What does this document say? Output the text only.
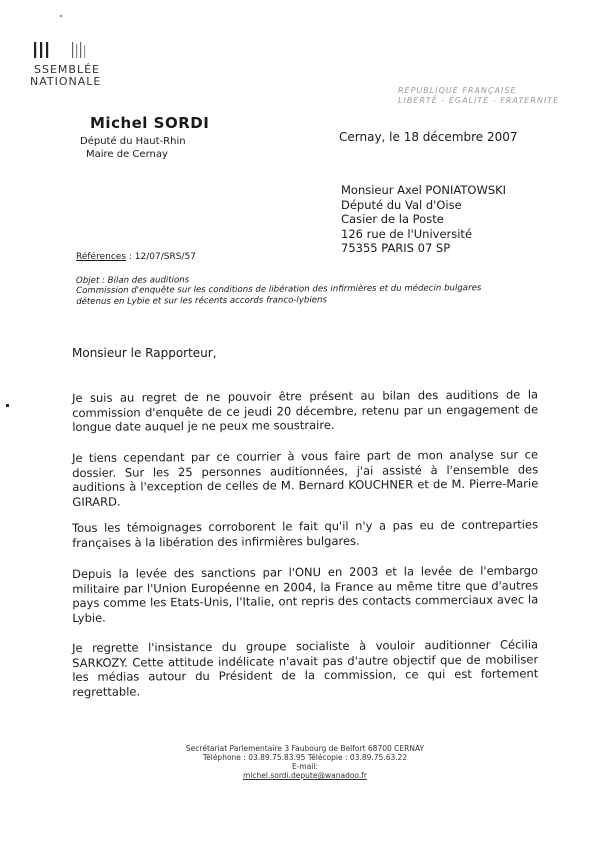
SSEMBLÉE
NATIONALE
RÉPUBLIQUE FRANÇAISE
LIBERTÉ - ÉGALITÉ - FRATERNITÉ
Michel SORDI
Député du Haut-Rhin
Maire de Cernay
Cernay, le 18 décembre 2007
Monsieur Axel PONIATOWSKI
Député du Val d'Oise
Casier de la Poste
126 rue de l'Université
75355 PARIS 07 SP
Références : 12/07/SRS/57
Objet : Bilan des auditions
Commission d'enquête sur les conditions de libération des infirmières et du médecin bulgares
détenus en Lybie et sur les récents accords franco-lybiens
Monsieur le Rapporteur,
Je suis au regret de ne pouvoir être présent au bilan des auditions de la commission d'enquête de ce jeudi 20 décembre, retenu par un engagement de longue date auquel je ne peux me soustraire.
Je tiens cependant par ce courrier à vous faire part de mon analyse sur ce dossier. Sur les 25 personnes auditionnées, j'ai assisté à l'ensemble des auditions à l'exception de celles de M. Bernard KOUCHNER et de M. Pierre-Marie GIRARD.
Tous les témoignages corroborent le fait qu'il n'y a pas eu de contreparties françaises à la libération des infirmières bulgares.
Depuis la levée des sanctions par l'ONU en 2003 et la levée de l'embargo militaire par l'Union Européenne en 2004, la France au même titre que d'autres pays comme les Etats-Unis, l'Italie, ont repris des contacts commerciaux avec la Lybie.
Je regrette l'insistance du groupe socialiste à vouloir auditionner Cécilia SARKOZY. Cette attitude indélicate n'avait pas d'autre objectif que de mobiliser les médias autour du Président de la commission, ce qui est fortement regrettable.
Secrétariat Parlementaire 3 Faubourg de Belfort 68700 CERNAY
Téléphone : 03.89.75.83.95 Télécopie : 03.89.75.63.22
E-mail:
michel.sordi.depute@wanadoo.fr
